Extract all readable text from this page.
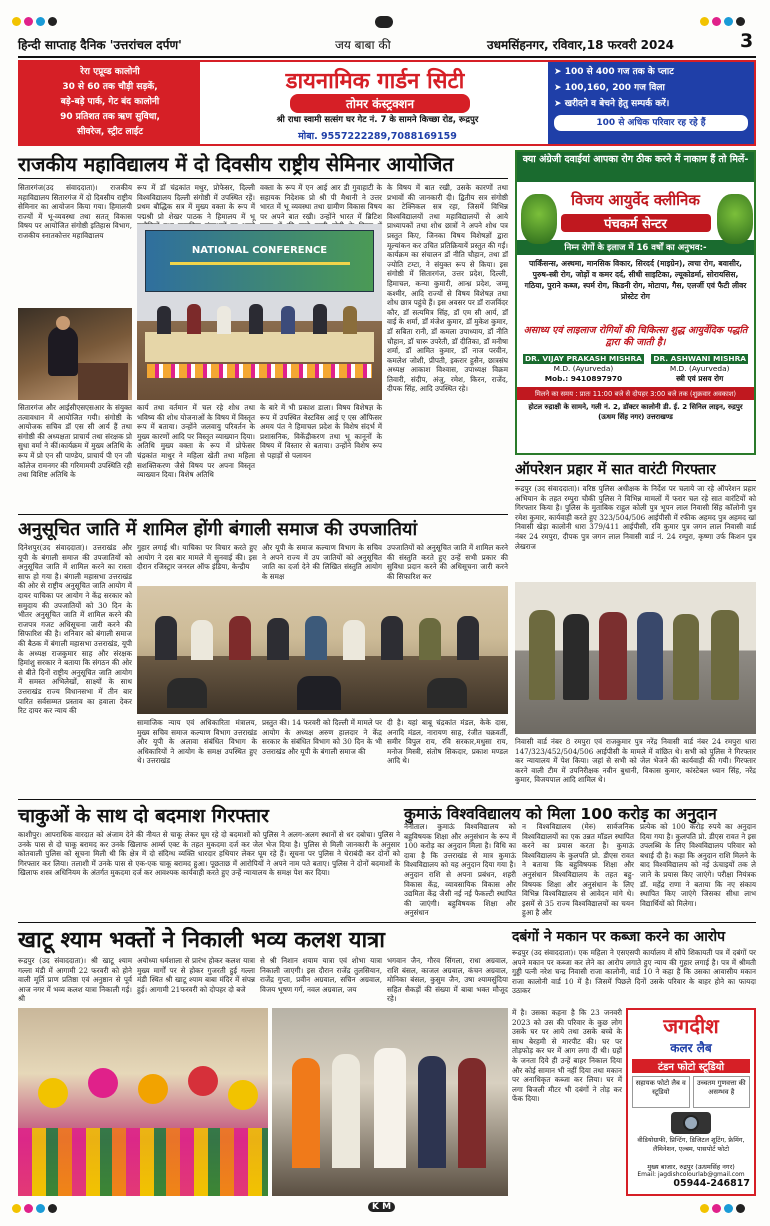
हिन्दी साप्ताह दैनिक 'उत्तरांचल दर्पण'	जय बाबा की	उधमसिंहनगर, रविवार,18 फरवरी 2024	3
रेरा एप्रूव्ड कालोनी
30 से 60 तक चौड़ी सड़कें,
बड़े-बड़े पार्क, गेट बंद कालोनी
90 प्रतिशत तक ऋण सुविधा,
सीवरेज, स्ट्रीट लाईट
डायनामिक गार्डन सिटी
तोमर कंस्ट्रक्शन
श्री राधा स्वामी सत्संग घर गेट नं. 7 के सामने किच्छा रोड, रूद्रपुर
मोबा. 9557222289,7088169159
➤ 100 से 400 गज तक के प्लाट
➤ 100,160, 200 गज विला
➤ खरीदने व बेचने हेतु सम्पर्क करें।
100 से अधिक परिवार रह रहे हैं
राजकीय महाविद्यालय में दो दिवसीय राष्ट्रीय सेमिनार आयोजित
सितारगंज(उद संवाददाता)। राजकीय महाविद्यालय सितारगंज में दो दिवसीय राष्ट्रीय सेमिनार का आयोजन किया गया। हिमालयी राज्यों में भू-व्यवस्था तथा सतत् विकास विषय पर आयोजित संगोष्ठी इतिहास विभाग, राजकीय स्नातकोत्तर महाविद्यालय
रूप में डॉ चंद्रकांत मथुर, प्रोफेसर, दिल्ली विश्वविद्यालय दिल्ली संगोष्ठी में उपस्थित रहें। प्रथम बौद्धिक सत्र में मुख्य वक्ता के रूप में पद्मश्री प्रो शेखर पाठक ने हिमालय में भू
वक्ता के रूप में एन आई आर डी गुवाहाटी के सहायक निदेशक प्रो श्री पी मैथानी ने उत्तर भारत में भू व्यवस्था तथा ग्रामीण विकास विषय पर अपने बात रखी। उन्होंने भारत में ब्रिटिश
के विषय में बात रखी, उसके कारणों तथा प्रभावों की जानकारी दी। द्वितीय सत्र संगोष्ठी का टेक्निकल सत्र रहा, जिसमें विभिन्न विश्वविद्यालयों तथा महाविद्यालयों से आये प्राध्यापकों तथा शोध छात्रों ने अपने शोध पत्र प्रस्तुत किए, जिनका विषय विशेषज्ञों द्वारा मूल्यांकन कर उचित प्रतिक्रियायें प्रस्तुत की गईं। कार्यक्रम का संचालन डॉ नीति चौहान, तथा डॉ ज्योति टम्टा, ने संयुक्त रूप से किया। इस संगोष्ठी में सितारगंज, उत्तर प्रदेश, दिल्ली, हिमाचल, कन्या कुमारी, आन्ध्र प्रदेश, जम्मू कश्मीर, आदि राज्यों से विषय विशेषज्ञ तथा शोध छात्र पहुंचे हैं। इस अवसर पर डॉ राजविंदर कौर, डॉ सत्यमित्र सिंह, डॉ एम सी आर्य, डॉ वाई के शर्मा, डॉ मंजेश कुमार, डॉ मुकेश कुमार, डॉ सबिता रानी, डॉ कमला उपाध्याय, डॉ नीति चौहान, डॉ चारू उपरेती, डॉ दीतिका, डॉ मनीषा शर्मा, डॉ आमित कुमार, डॉ नाज परवीन, कमलेश जोशी, प्रीपती, इकरार हुसैन, छात्रसंघ अध्यक्ष आकाश विश्वास, उपाध्यक्ष विक्रम तिवारी, संदीप, अंजु, रमेश, किरन, राजेंद, दीपक सिंह, आदि उपस्थित रहे।
NATIONAL CONFERENCE
सितारगंज और आईसीएसएसआर के संयुक्त तत्वावधान में आयोजित गयी। संगोष्ठी के आयोजक सचिव डॉ एस सी आर्य हैं तथा संगोष्ठी की अध्यक्षता प्राचार्य तथा संरक्षक प्रो सुधा वर्मा ने कीं।कार्यक्रम में मुख्य अतिथि के रूप में प्रो एन सी पाण्डेय, प्राचार्य पी एन जी कॉलेज रामनगर की गरिमामयी उपस्थिति रही तथा विशिष्ट अतिथि के
कार्य तथा वर्तमान में चल रहे शोध तथा भविष्य की शोध योजनाओं के विषय में विस्तृत रूप में बताया। उन्होंने जलवायु परिवर्तन के मुख्य कारणों आदि पर विस्तृत व्याख्यान दिया। अतिथि मुख्य वक्ता के रूप में प्रोफेसर चंद्रकांत माथुर ने महिला खेती तथा महिला सशक्तिकरण जैसे विषय पर अपना विस्तृत व्याख्यान दिया। विशेष अतिथि
के बारे में भी प्रकाश डाला। विषय विशेषज्ञ के रूप में उपस्थित वेस्टविस आई ए एस ऑफिसर अमय पंत ने हिमाचल प्रदेश के विशेष संदर्भ में प्रशासनिक, विकेंद्रीकरण तथा भू कानूनों के विषय में विस्तार से बताया। उन्होंने विशेष रूप से पहाड़ों से पलायन
क्या अंग्रेजी दवाईयां आपका रोग ठीक करने में नाकाम हैं तो मिलें-
विजय आयुर्वेद क्लीनिक
पंचकर्म सेन्टर
निम्न रोगों के इलाज में 16 वर्षों का अनुभव:-
पार्किंसन्स, अस्थमा, मानसिक विकार, सिरदर्द (माइग्रेन), त्वचा रोग, बवासीर, पुरुष-स्त्री रोग, जोड़ों व कमर दर्द, सीधी साइटिका, ल्यूकोडर्मा, सोरायसिस, गठिया, पुराने कब्ज, स्पर्म रोग, किडनी रोग, मोटापा, गैस, एलर्जी एवं फैटी लीवर प्रोस्टेट रोग
असाध्य एवं लाइलाज रोगियों की चिकित्सा शुद्ध आयुर्वेदिक पद्धति द्वारा की जाती है।
DR. VIJAY PRAKASH MISHRA
M.D. (Ayurveda)
Mob.: 9410897970
DR. ASHWANI MISHRA
M.D. (Ayurveda)
स्त्री एवं प्रसव रोग
मिलने का समय : प्रातः 11:00 बजे से दोपहर 3:00 बजे तक (शुक्रवार अवकाश)
होटल रुद्राक्षी के सामने, गली नं. 2, डॉक्टर कालोनी डी. ई. 2 सिनिल लाइन, रुद्रपुर (ऊधम सिंह नगर) उत्तराखण्ड
ऑपरेशन प्रहार में सात वारंटी गिरफ्तार
रूद्रपुर (उद संवाददाता)। वरिष्ठ पुलिस अधीक्षक के निर्देश पर चलाये जा रहे ऑपरेशन प्रहार अभियान के तहत रम्पुरा चौकी पुलिस ने विभिन्न मामलों में फरार चल रहे सात वारंटियों को गिरफ्तार किया है। पुलिस के मुताबिक राहुल कोली पुत्र भूपन लाल निवासी सिंह कॉलोनी पुत्र रमेश कुमार, कार्यवाही करते हुए 323/504/506 आईपीसी में रफीक अहमद पुत्र अहमद खां निवासी खेड़ा कालोनी धारा 379/411 आईपीसी, रवि कुमार पुत्र जगन लाल निवासी वार्ड नंबर 24 रमपुरा, दीपक पुत्र जगन लाल निवासी वार्ड नं. 24 रम्पुरा, कृष्णा उर्फ किशन पुत्र लेखराज
निवासी वार्ड नंबर 8 रमपुरा एवं राजकुमार पुत्र नरेंद्र निवासी वार्ड नंबर 24 रमपुरा धारा 147/323/452/504/506 आईपीसी के मामले में वांछित थे। सभी को पुलिस ने गिरफ्तार कर न्यायालय में पेश किया। जहां से सभी को जेल भेजने की कार्यवाही की गयी। गिरफ्तार करने वाली टीम में उपनिरीक्षक नवीन बुधानी, विकास कुमार, कांस्टेबल ध्यान सिंह, नरेंद्र कुमार, विजयपाल आदि शामिल थे।
अनुसूचित जाति में शामिल होंगी बंगाली समाज की उपजातियां
दिनेशपुर(उद संवाददाता)। उत्तराखंड और यूपी के बंगाली समाज की उपजातियों को अनुसूचित जाति में शामिल करने का रास्ता साफ हो गया है। बंगाली महासभा उत्तराखंड की ओर से राष्ट्रीय अनुसूचित जाति आयोग में दायर याचिका पर आयोग ने केंद्र सरकार को समुदाय की उपजातियों को 30 दिन के भीतर अनुसूचित जाति में शामिल करने की राजपत्र गजट अधिसूचना जारी करने की सिफारिश की है। शनिवार को बंगाली समाज की बैठक में बंगाली महासभा उत्तराखंड, यूपी के अध्यक्ष राजकुमार साह और संरक्षक हिमांशु सरकार ने बताया कि संगठन की ओर से बीते दिनों राष्ट्रीय अनुसूचित जाति आयोग में समस्त अभिलेखों, साक्ष्यों के साथ उत्तराखंड राज्य विधानसभा में तीन बार पारित सर्वसम्मत प्रस्ताव का हवाला देकर रिट दायर कर न्याय की
गुहार लगाई थी। याचिका पर विचार करते हुए आयोग ने दस बार मामले में सुनवाई की। इस दौरान रजिस्ट्रार जनरल ऑफ इंडिया, केन्द्रीय
और यूपी के समाज कल्याण विभाग के सचिव ने अपने राज्य में उप जातियों को अनुसूचित जाति का दर्जा देने की लिखित संस्तुति आयोग के समक्ष
उपजातियों को अनुसूचित जाति में शामिल करने की संस्तुति करते हुए उन्हें सभी प्रकार की सुविधा प्रदान करने की अधिसूचना जारी करने की सिफारिश कर
सामाजिक न्याय एवं अधिकारिता मंत्रालय, मुख्य सचिव समाज कल्याण विभाग उत्तराखंड और यूपी के अलावा संबंधित विभाग के अधिकारियों ने आयोग के समक्ष उपस्थित हुए थे। उत्तराखंड
प्रस्तुत की। 14 फरवरी को दिल्ली में मामले पर आयोग के अध्यक्ष अरुण हालदार ने केंद्र सरकार के संबंधित विभाग को 30 दिन के भी उत्तराखंड और यूपी के बंगाली समाज की
दी है। यहां बाबू चंद्रकांत मंडल, केके दास, अनादि मंडल, नारायण साह, रंजीत चक्रवर्ती, समीर विपुल राय, रवि सरकार,मधुसा राय, मनोज मिस्त्री, संतोष सिकदार, प्रकाश मण्डल आदि थे।
चाकुओं के साथ दो बदमाश गिरफ्तार
काशीपुर। आपराधिक वारदात को अंजाम देने की नीयत से चाकू लेकर घूम रहे दो बदमाशों को पुलिस ने अलग-अलग स्थानों से धर दबोचा। पुलिस ने उनके पास से दो चाकू बरामद कर उनके खिलाफ आर्म्स एक्ट के तहत मुकदमा दर्ज कर जेल भेज दिया है। पुलिस से मिली जानकारी के अनुसार कोतवाली पुलिस को सूचना मिली थी कि क्षेत्र में दो संदिग्ध व्यक्ति धारदार हथियार लेकर घूम रहे हैं। सूचना पर पुलिस ने घेराबंदी कर दोनों को गिरफ्तार कर लिया। तलाशी में उनके पास से एक-एक चाकू बरामद हुआ। पूछताछ में आरोपियों ने अपने नाम पते बताए। पुलिस ने दोनों बदमाशों के खिलाफ शस्त्र अधिनियम के अंतर्गत मुकदमा दर्ज कर आवश्यक कार्यवाही करते हुए उन्हें न्यायालय के समक्ष पेश कर दिया।
कुमाऊं विश्वविद्यालय को मिला 100 करोड़ का अनुदान
नैनीताल। कुमाऊं विश्वविद्यालय को बहुविषयक शिक्षा और अनुसंधान के रूप में 100 करोड़ का अनुदान मिला है। विधि का दावा है कि उत्तराखंड से मात्र कुमाऊं विश्वविद्यालय को यह अनुदान दिया गया है। अनुदान राशि से अपना प्रबंधन, शहरी विकास केंद्र, व्यावसायिक विकास और उद्यमिता केंद्र जैसी नई नई फैकल्टी स्थापित की जाएंगी। बहुविषयक शिक्षा और अनुसंधान
न विश्वविद्यालय (मेरु) सार्वजनिक विश्वविद्यालयों का एक उन्नत मॉडल स्थापित करने का प्रयास करता है। कुमाऊं विश्वविद्यालय के कुलपति प्रो. डीएस रावत ने बताया कि बहुविषयक शिक्षा और अनुसंधान विश्वविद्यालय के तहत बहु-विषयक शिक्षा और अनुसंधान के लिए विभिन्न विश्वविद्यालय से आवेदन मांगे थे। इसमें से 35 राज्य विश्वविद्यालयों का चयन हुआ है और
प्रत्येक को 100 करोड़ रुपये का अनुदान दिया गया है। कुलपति प्रो. डीएस रावत ने इस उपलब्धि के लिए विश्वविद्यालय परिवार को बधाई दी है। कहा कि अनुदान राशि मिलने के बाद विश्वविद्यालय को नई ऊंचाइयों तक ले जाने के प्रयास किए जाएंगे। परीक्षा नियंत्रक डॉ. महेंद्र राणा ने बताया कि नए संकाय स्थापित किए जाएंगे जिसका सीधा लाभ विद्यार्थियों को मिलेगा।
खाटू श्याम भक्तों ने निकाली भव्य कलश यात्रा
रूद्रपुर (उद संवाददाता)। श्री खाटू श्याम गल्ला मंडी में आगामी 22 फरवरी को होने वाली मूर्ति प्राण प्रतिष्ठा एवं अनुष्ठान से पूर्व आज नगर में भव्य कलश यात्रा निकाली गई। श्री
अयोध्या धर्मशाला से प्रारंभ होकर कलश यात्रा मुख्य मार्गों पर से होकर गुजरती हुई गल्ला मंडी स्थित श्री खाटू श्याम बाबा मंदिर में संपन्न हुई। आगामी 21फरवरी को दोपहर दो बजे
से श्री निशान शयाम यात्रा एवं शोभा यात्रा निकाली जाएगी। इस दौरान राजेंद्र तुलसियान, राजेंद्र गुप्ता, प्रवीन अग्रवाल, सचिन अग्रवाल, विजय भूषण गर्ग, नवल अग्रवाल, जय
भगवान जैन, गौरव सिंगला, राधा अग्रवाल, राशि बंसल, काजल अग्रवाल, कंचन अग्रवाल, मोनिका बंसल, कुसुम जैन, उषा श्यामसुंदिया सहित सैकड़ों की संख्या में बाबा भक्त मौजूद रहे।
दबंगों ने मकान पर कब्जा करने का आरोप
रूद्रपुर (उद संवाददाता)। एक महिला ने एसएसपी कार्यालय में सौंपे शिकायती पत्र में दबंगों पर अपने मकान पर कब्जा कर लेने का आरोप लगाते हुए न्याय की गुहार लगाई है। पत्र में श्रीमती गुड्डी पत्नी नरेश चन्द्र निवासी राजा कालोनी, वार्ड 10 ने कहा है कि उसका आवासीय मकान राजा कालोनी वार्ड 10 में है। जिसमें पिछले दिनों उसके परिवार के बाहर होने का फायदा उठाकर
में है। उसका कहना है कि 23 जनवरी 2023 को उस की परिवार के कुछ लोग उसके घर पर आये तथा उसके बच्चे के साथ बेरहमी से मारपीट की। घर पर तोड़फोड़ कर घर में आग लगा दी थी। ग्रहों के जनता दिये ही उन्हें बाहर निकाल दिया और कोई सामान भी नहीं दिया तथा मकान पर अनाधिकृत कब्जा कर लिया। घर में लगा बिजली मीटर भी दबंगों ने तोड़ कर फेंक दिया।
जगदीश
कलर लैब
टंडन फोटो स्टूडियो
सहायक फोटो लैब व स्टूडियो
उच्चतम गुणवत्ता की असम्भव है
वीडियोग्राफी, प्रिन्टिंग, डिजिटल शूटिंग, फ्रेमिंग, लैमिनेशन, एल्बम, पासपोर्ट फोटो
मुख्य बाजार, रुद्रपुर (ऊधमसिंह नगर)
Email: jagdishcolourlab@gmail.com
05944-246817
K M
